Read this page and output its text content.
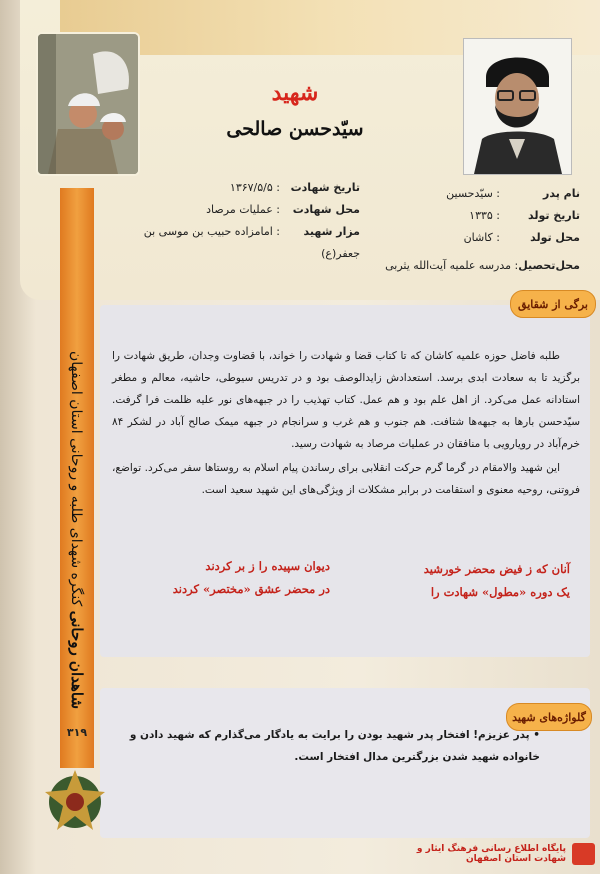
شهید
سیّدحسن صالحی
نام پدر: سیّدحسین
تاریخ تولد: ۱۳۳۵
محل تولد: کاشان
محل‌تحصیل: مدرسه علمیه آیت‌الله یثربی
تاریخ شهادت: ۱۳۶۷/۵/۵
محل شهادت: عملیات مرصاد
مزار شهید: امامزاده حبیب بن موسی بن جعفر(ع)
برگی از شقایق

طلبه فاضل حوزه علمیه کاشان که تا کتاب قضا و شهادت را خواند، با قضاوت وجدان، طریق شهادت را برگزید تا به سعادت ابدی برسد. استعدادش زایدالوصف بود و در تدریس سیوطی، حاشیه، معالم و مطغر استادانه عمل می‌کرد. از اهل علم بود و هم عمل. کتاب تهذیب را در جبهه‌های نور علیه ظلمت فرا گرفت. سیّدحسن بارها به جبهه‌ها شتافت. هم جنوب و هم غرب و سرانجام در جبهه میمک صالح آباد در لشکر ۸۴ خرم‌آباد در رویارویی با منافقان در عملیات مرصاد به شهادت رسید.

این شهید والامقام در گرما گرم حرکت انقلابی برای رساندن پیام اسلام به روستاها سفر می‌کرد. تواضع، فروتنی، روحیه معنوی و استقامت در برابر مشکلات از ویژگی‌های این شهید سعید است.

آنان که ز فیض محضر خورشید
یک دوره «مطول» شهادت را
دیوان سپیده را ز بر کردند
در محضر عشق «مختصر» کردند
گلواژه‌های شهید
• پدر عزیزم! افتخار پدر شهید بودن را برایت به یادگار می‌گذارم که شهید دادن و خانواده شهید شدن بزرگترین مدال افتخار است.
شاهدان روحانی کنگره شهدای طلبه و روحانی استان اصفهان
۳۱۹
پایگاه اطلاع رسانی فرهنگ ایثار و شهادت استان اصفهان
